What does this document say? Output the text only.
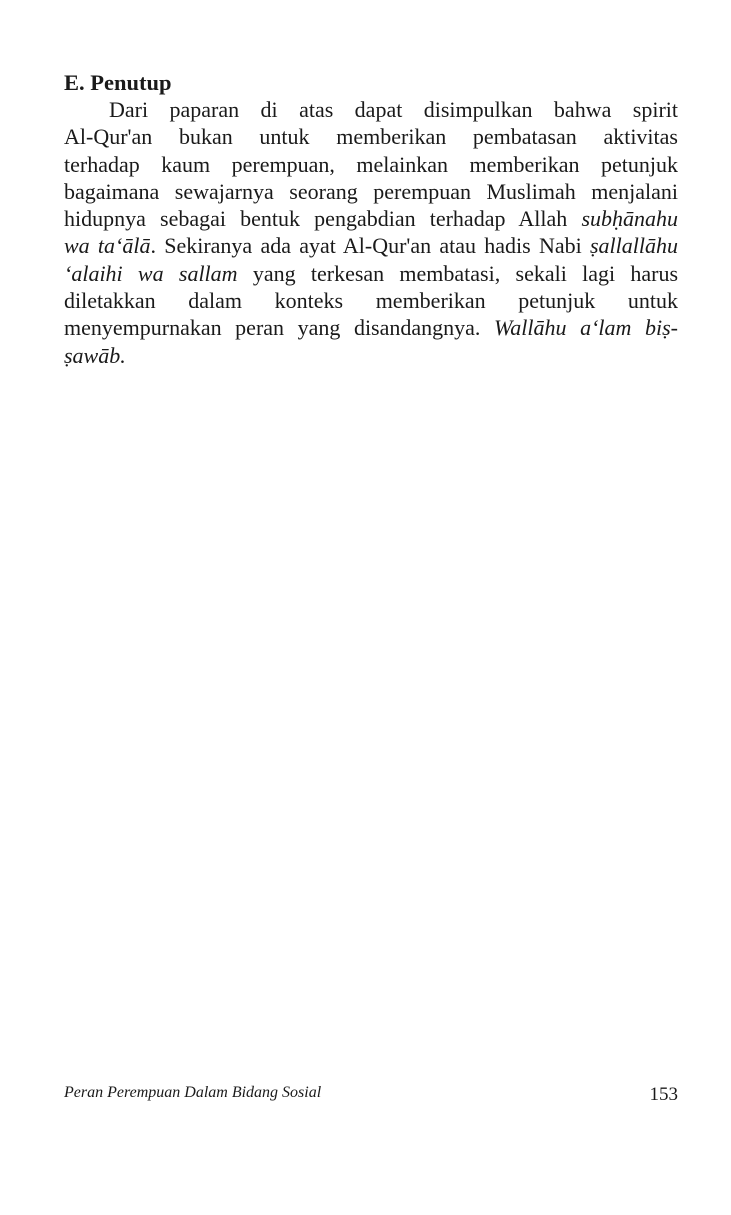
E. Penutup
Dari paparan di atas dapat disimpulkan bahwa spirit
Al-Qur'an bukan untuk memberikan pembatasan aktivitas
terhadap kaum perempuan, melainkan memberikan petunjuk
bagaimana sewajarnya seorang perempuan Muslimah menjalani
hidupnya sebagai bentuk pengabdian terhadap Allah subḥānahu
wa ta‘ālā. Sekiranya ada ayat Al-Qur'an atau hadis Nabi ṣallallāhu
‘alaihi wa sallam yang terkesan membatasi, sekali lagi harus
diletakkan dalam konteks memberikan petunjuk untuk
menyempurnakan peran yang disandangnya. Wallāhu a‘lam biṣ-
ṣawāb.

Peran Perempuan Dalam Bidang Sosial	153
